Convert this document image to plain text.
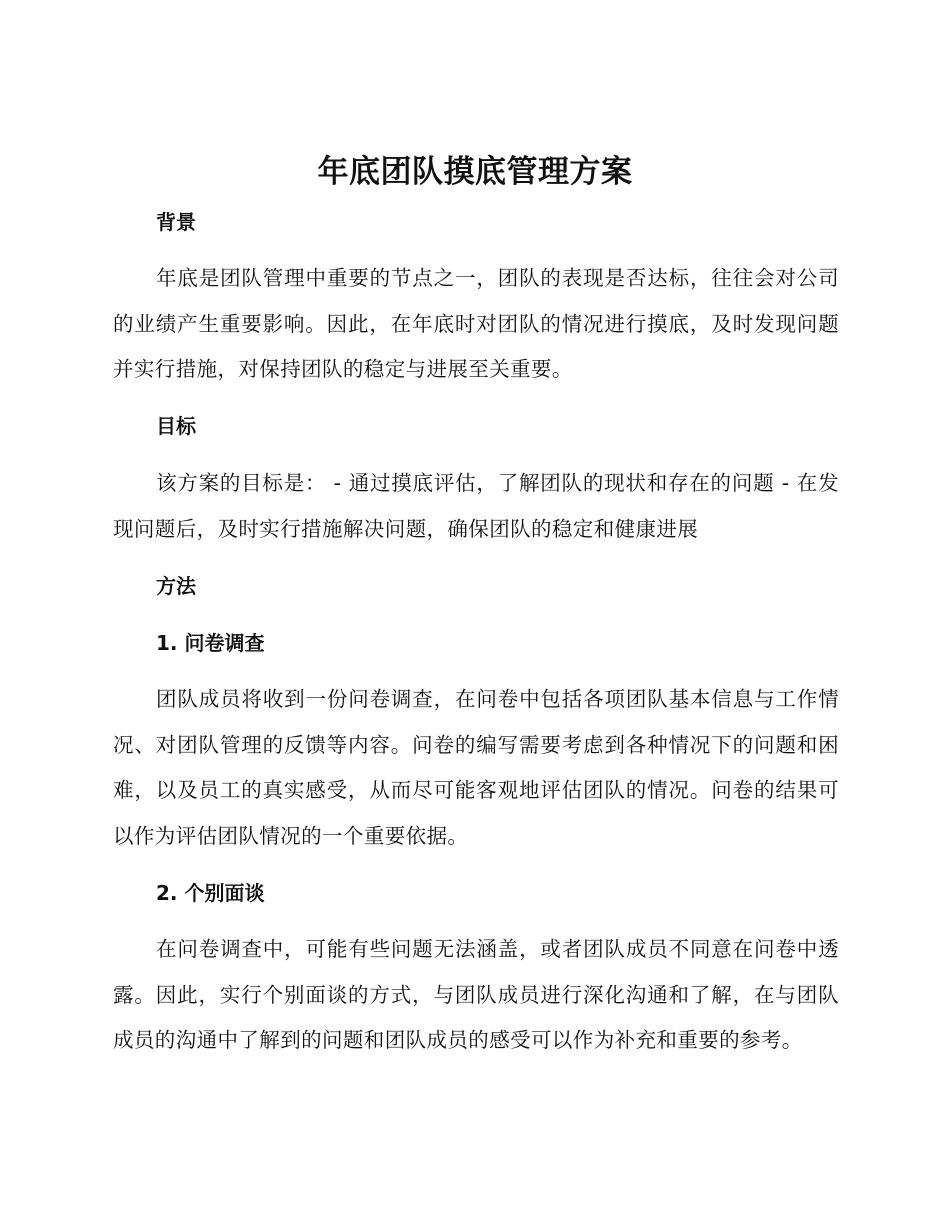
年底团队摸底管理方案
背景
年底是团队管理中重要的节点之一，团队的表现是否达标，往往会对公司的业绩产生重要影响。因此，在年底时对团队的情况进行摸底，及时发现问题并实行措施，对保持团队的稳定与进展至关重要。
目标
该方案的目标是： - 通过摸底评估，了解团队的现状和存在的问题 - 在发现问题后，及时实行措施解决问题，确保团队的稳定和健康进展
方法
1. 问卷调查
团队成员将收到一份问卷调查，在问卷中包括各项团队基本信息与工作情况、对团队管理的反馈等内容。问卷的编写需要考虑到各种情况下的问题和困难，以及员工的真实感受，从而尽可能客观地评估团队的情况。问卷的结果可以作为评估团队情况的一个重要依据。
2. 个别面谈
在问卷调查中，可能有些问题无法涵盖，或者团队成员不同意在问卷中透露。因此，实行个别面谈的方式，与团队成员进行深化沟通和了解，在与团队成员的沟通中了解到的问题和团队成员的感受可以作为补充和重要的参考。
